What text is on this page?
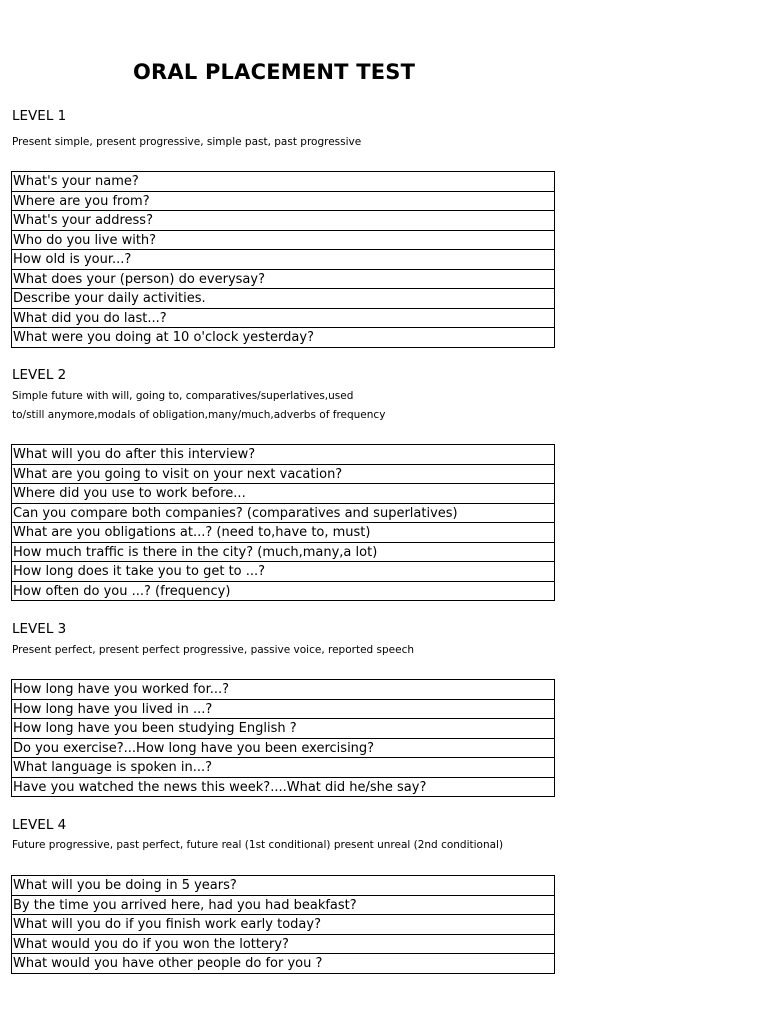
ORAL PLACEMENT TEST
LEVEL 1
Present simple, present progressive, simple past, past progressive
What's your name?
Where are you from?
What's your address?
Who do you live with?
How old is your...?
What does your (person) do everysay?
Describe your daily activities.
What did you do last...?
What were you doing at 10 o'clock yesterday?
LEVEL 2
Simple future with will, going to, comparatives/superlatives,used
to/still anymore,modals of obligation,many/much,adverbs of frequency
What will you do after this interview?
What are you going to visit on your next vacation?
Where did you use to work before...
Can you compare both companies? (comparatives and superlatives)
What are you obligations at...? (need to,have to, must)
How much traffic is there in the city? (much,many,a lot)
How long does it take you to get to ...?
How often do you ...? (frequency)
LEVEL 3
Present perfect, present perfect progressive, passive voice, reported speech
How long have you worked for...?
How long have you lived in ...?
How long have you been studying English ?
Do you exercise?...How long have you been exercising?
What language is spoken in...?
Have you watched the news this week?....What did he/she say?
LEVEL 4
Future progressive, past perfect, future real (1st conditional) present unreal (2nd conditional)
What will you be doing in 5 years?
By the time you arrived here, had you had beakfast?
What will you do if you finish work early today?
What would you do if you won the lottery?
What would you have other people do for you ?
